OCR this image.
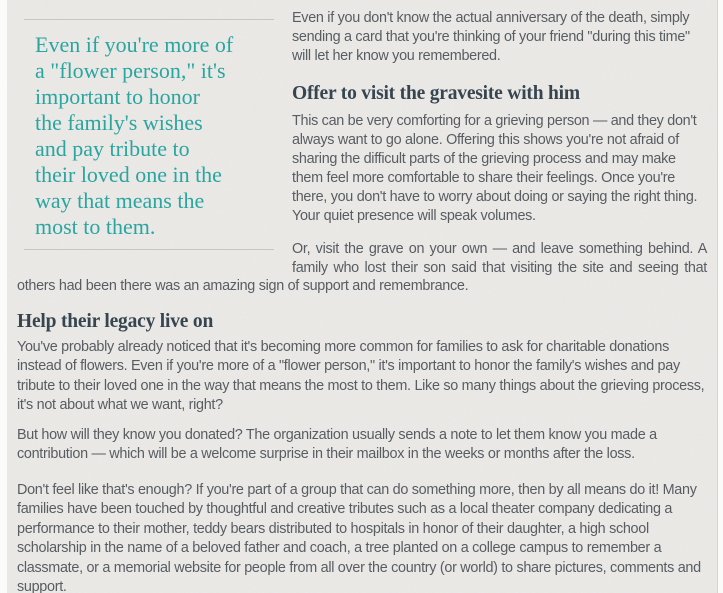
Even if you're more of
a "flower person," it's
important to honor
the family's wishes
and pay tribute to
their loved one in the
way that means the
most to them.

Even if you don't know the actual anniversary of the death, simply sending a card that you're thinking of your friend "during this time" will let her know you remembered.

Offer to visit the gravesite with him

This can be very comforting for a grieving person — and they don't always want to go alone. Offering this shows you're not afraid of sharing the difficult parts of the grieving process and may make them feel more comfortable to share their feelings. Once you're there, you don't have to worry about doing or saying the right thing. Your quiet presence will speak volumes.

Or, visit the grave on your own — and leave something behind. A family who lost their son said that visiting the site and seeing that others had been there was an amazing sign of support and remembrance.

Help their legacy live on

You've probably already noticed that it's becoming more common for families to ask for charitable donations instead of flowers. Even if you're more of a "flower person," it's important to honor the family's wishes and pay tribute to their loved one in the way that means the most to them. Like so many things about the grieving process, it's not about what we want, right?

But how will they know you donated? The organization usually sends a note to let them know you made a contribution — which will be a welcome surprise in their mailbox in the weeks or months after the loss.

Don't feel like that's enough? If you're part of a group that can do something more, then by all means do it! Many families have been touched by thoughtful and creative tributes such as a local theater company dedicating a performance to their mother, teddy bears distributed to hospitals in honor of their daughter, a high school scholarship in the name of a beloved father and coach, a tree planted on a college campus to remember a classmate, or a memorial website for people from all over the country (or world) to share pictures, comments and support.
